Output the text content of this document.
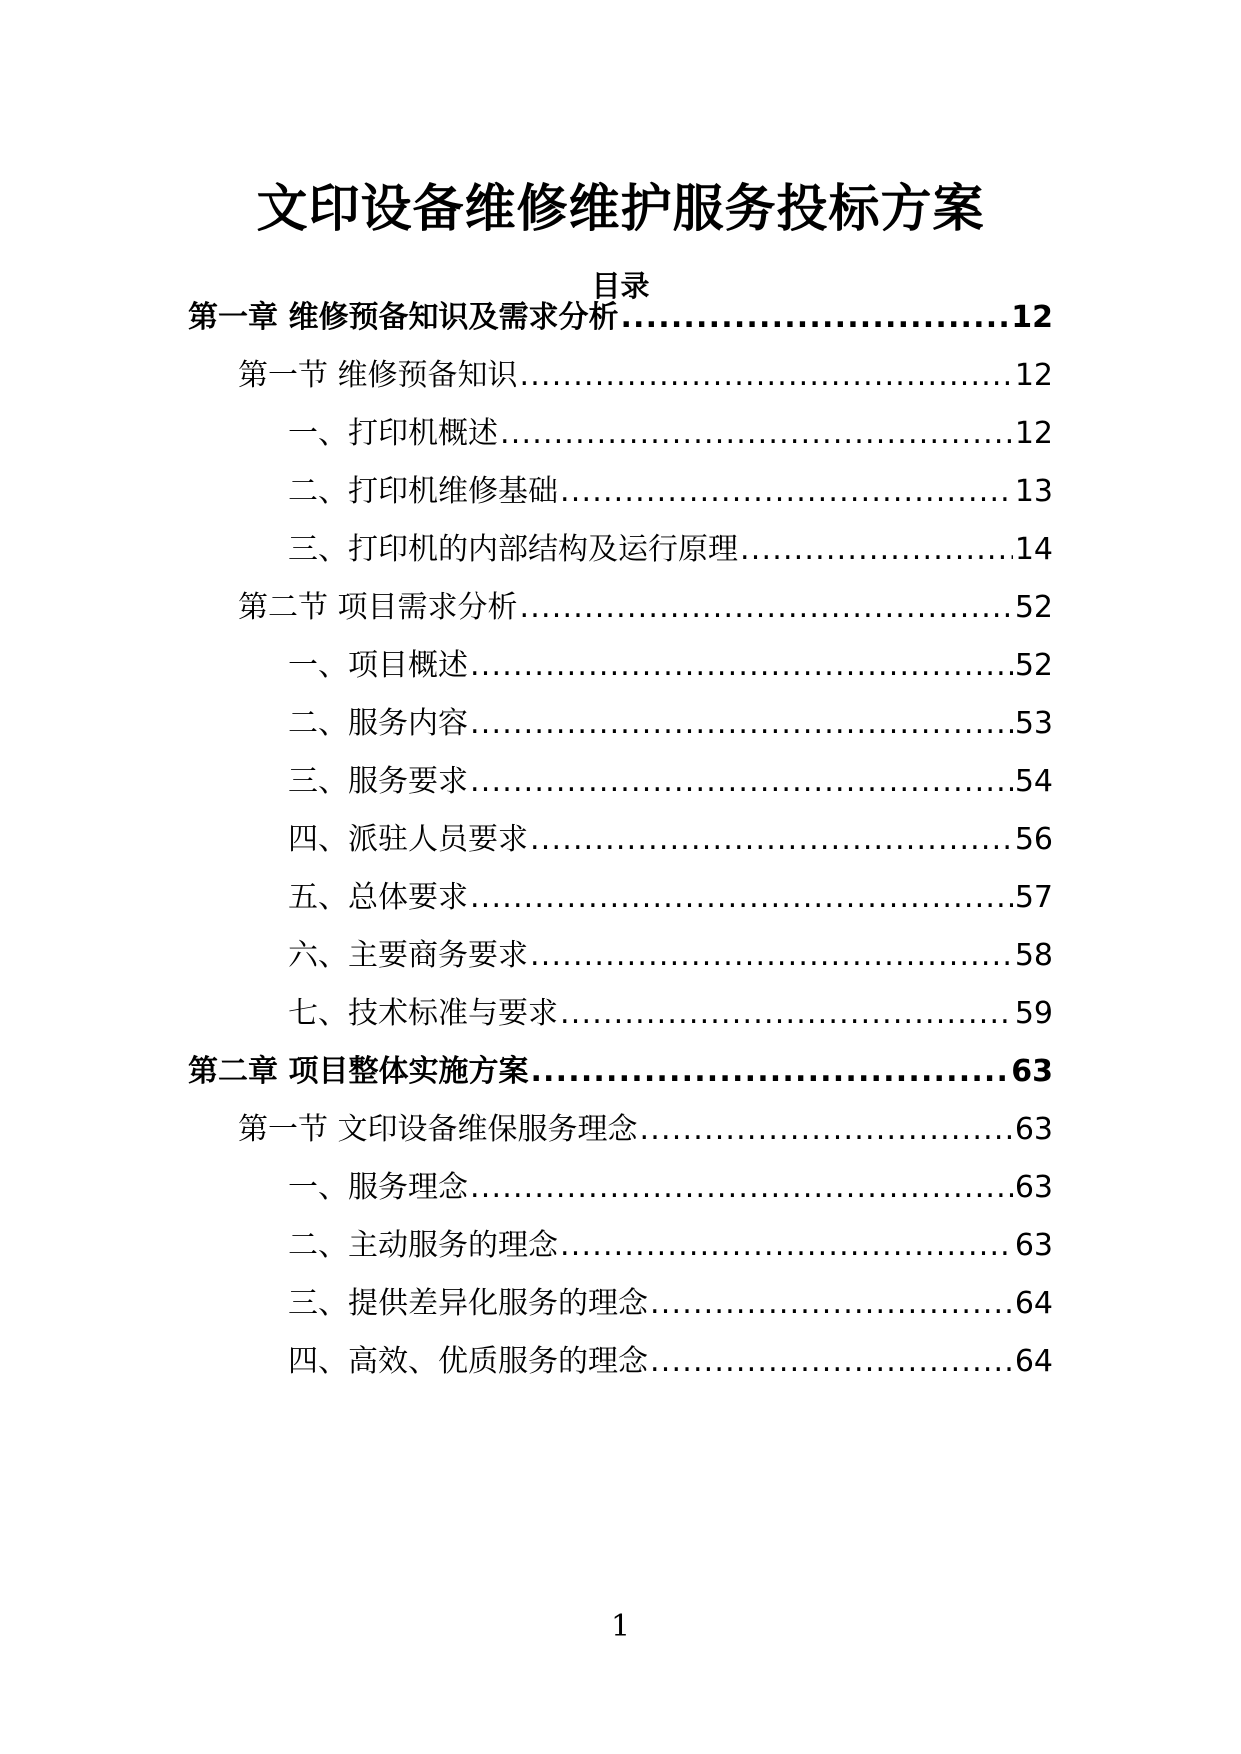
文印设备维修维护服务投标方案
目录
第一章 维修预备知识及需求分析 .....	12
第一节 维修预备知识 .....	12
一、打印机概述 .....	12
二、打印机维修基础 .....	13
三、打印机的内部结构及运行原理 .....	14
第二节 项目需求分析 .....	52
一、项目概述 .....	52
二、服务内容 .....	53
三、服务要求 .....	54
四、派驻人员要求 .....	56
五、总体要求 .....	57
六、主要商务要求 .....	58
七、技术标准与要求 .....	59
第二章 项目整体实施方案 .....	63
第一节 文印设备维保服务理念 .....	63
一、服务理念 .....	63
二、主动服务的理念 .....	63
三、提供差异化服务的理念 .....	64
四、高效、优质服务的理念 .....	64
1
